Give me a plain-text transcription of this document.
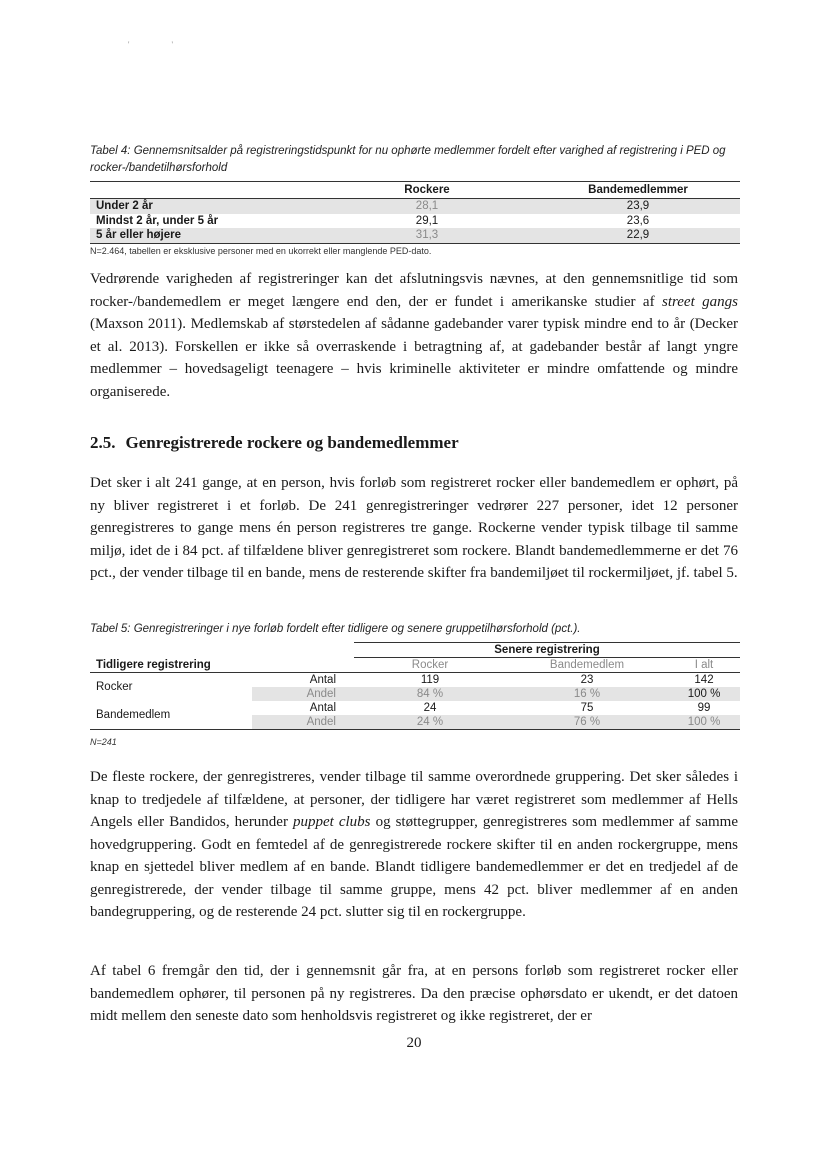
'                     '
Tabel 4: Gennemsnitsalder på registreringstidspunkt for nu ophørte medlemmer fordelt efter varighed af registrering i PED og rocker-/bandetilhørsforhold
	Rockere	Bandemedlemmer
Under 2 år	28,1	23,9
Mindst 2 år, under 5 år	29,1	23,6
5 år eller højere	31,3	22,9
N=2.464, tabellen er eksklusive personer med en ukorrekt eller manglende PED-dato.

Vedrørende varigheden af registreringer kan det afslutningsvis nævnes, at den gennemsnitlige tid som rocker-/bandemedlem er meget længere end den, der er fundet i amerikanske studier af street gangs (Maxson 2011). Medlemskab af størstedelen af sådanne gadebander varer typisk mindre end to år (Decker et al. 2013). Forskellen er ikke så overraskende i betragtning af, at gadebander består af langt yngre medlemmer – hovedsageligt teenagere – hvis kriminelle aktiviteter er mindre omfattende og mindre organiserede.

2.5. Genregistrerede rockere og bandemedlemmer

Det sker i alt 241 gange, at en person, hvis forløb som registreret rocker eller bandemedlem er ophørt, på ny bliver registreret i et forløb. De 241 genregistreringer vedrører 227 personer, idet 12 personer genregistreres to gange mens én person registreres tre gange. Rockerne vender typisk tilbage til samme miljø, idet de i 84 pct. af tilfældene bliver genregistreret som rockere. Blandt bandemedlemmerne er det 76 pct., der vender tilbage til en bande, mens de resterende skifter fra bandemiljøet til rockermiljøet, jf. tabel 5.

Tabel 5: Genregistreringer i nye forløb fordelt efter tidligere og senere gruppetilhørsforhold (pct.).
		Senere registrering		
Tidligere registrering		Rocker	Bandemedlem	I alt
Rocker	Antal	119	23	142
	Andel	84 %	16 %	100 %
Bandemedlem	Antal	24	75	99
	Andel	24 %	76 %	100 %
N=241

De fleste rockere, der genregistreres, vender tilbage til samme overordnede gruppering. Det sker således i knap to tredjedele af tilfældene, at personer, der tidligere har været registreret som medlemmer af Hells Angels eller Bandidos, herunder puppet clubs og støttegrupper, genregistreres som medlemmer af samme hovedgruppering. Godt en femtedel af de genregistrerede rockere skifter til en anden rockergruppe, mens knap en sjettedel bliver medlem af en bande. Blandt tidligere bandemedlemmer er det en tredjedel af de genregistrerede, der vender tilbage til samme gruppe, mens 42 pct. bliver medlemmer af en anden bandegruppering, og de resterende 24 pct. slutter sig til en rockergruppe.

Af tabel 6 fremgår den tid, der i gennemsnit går fra, at en persons forløb som registreret rocker eller bandemedlem ophører, til personen på ny registreres. Da den præcise ophørsdato er ukendt, er det datoen midt mellem den seneste dato som henholdsvis registreret og ikke registreret, der er

20
